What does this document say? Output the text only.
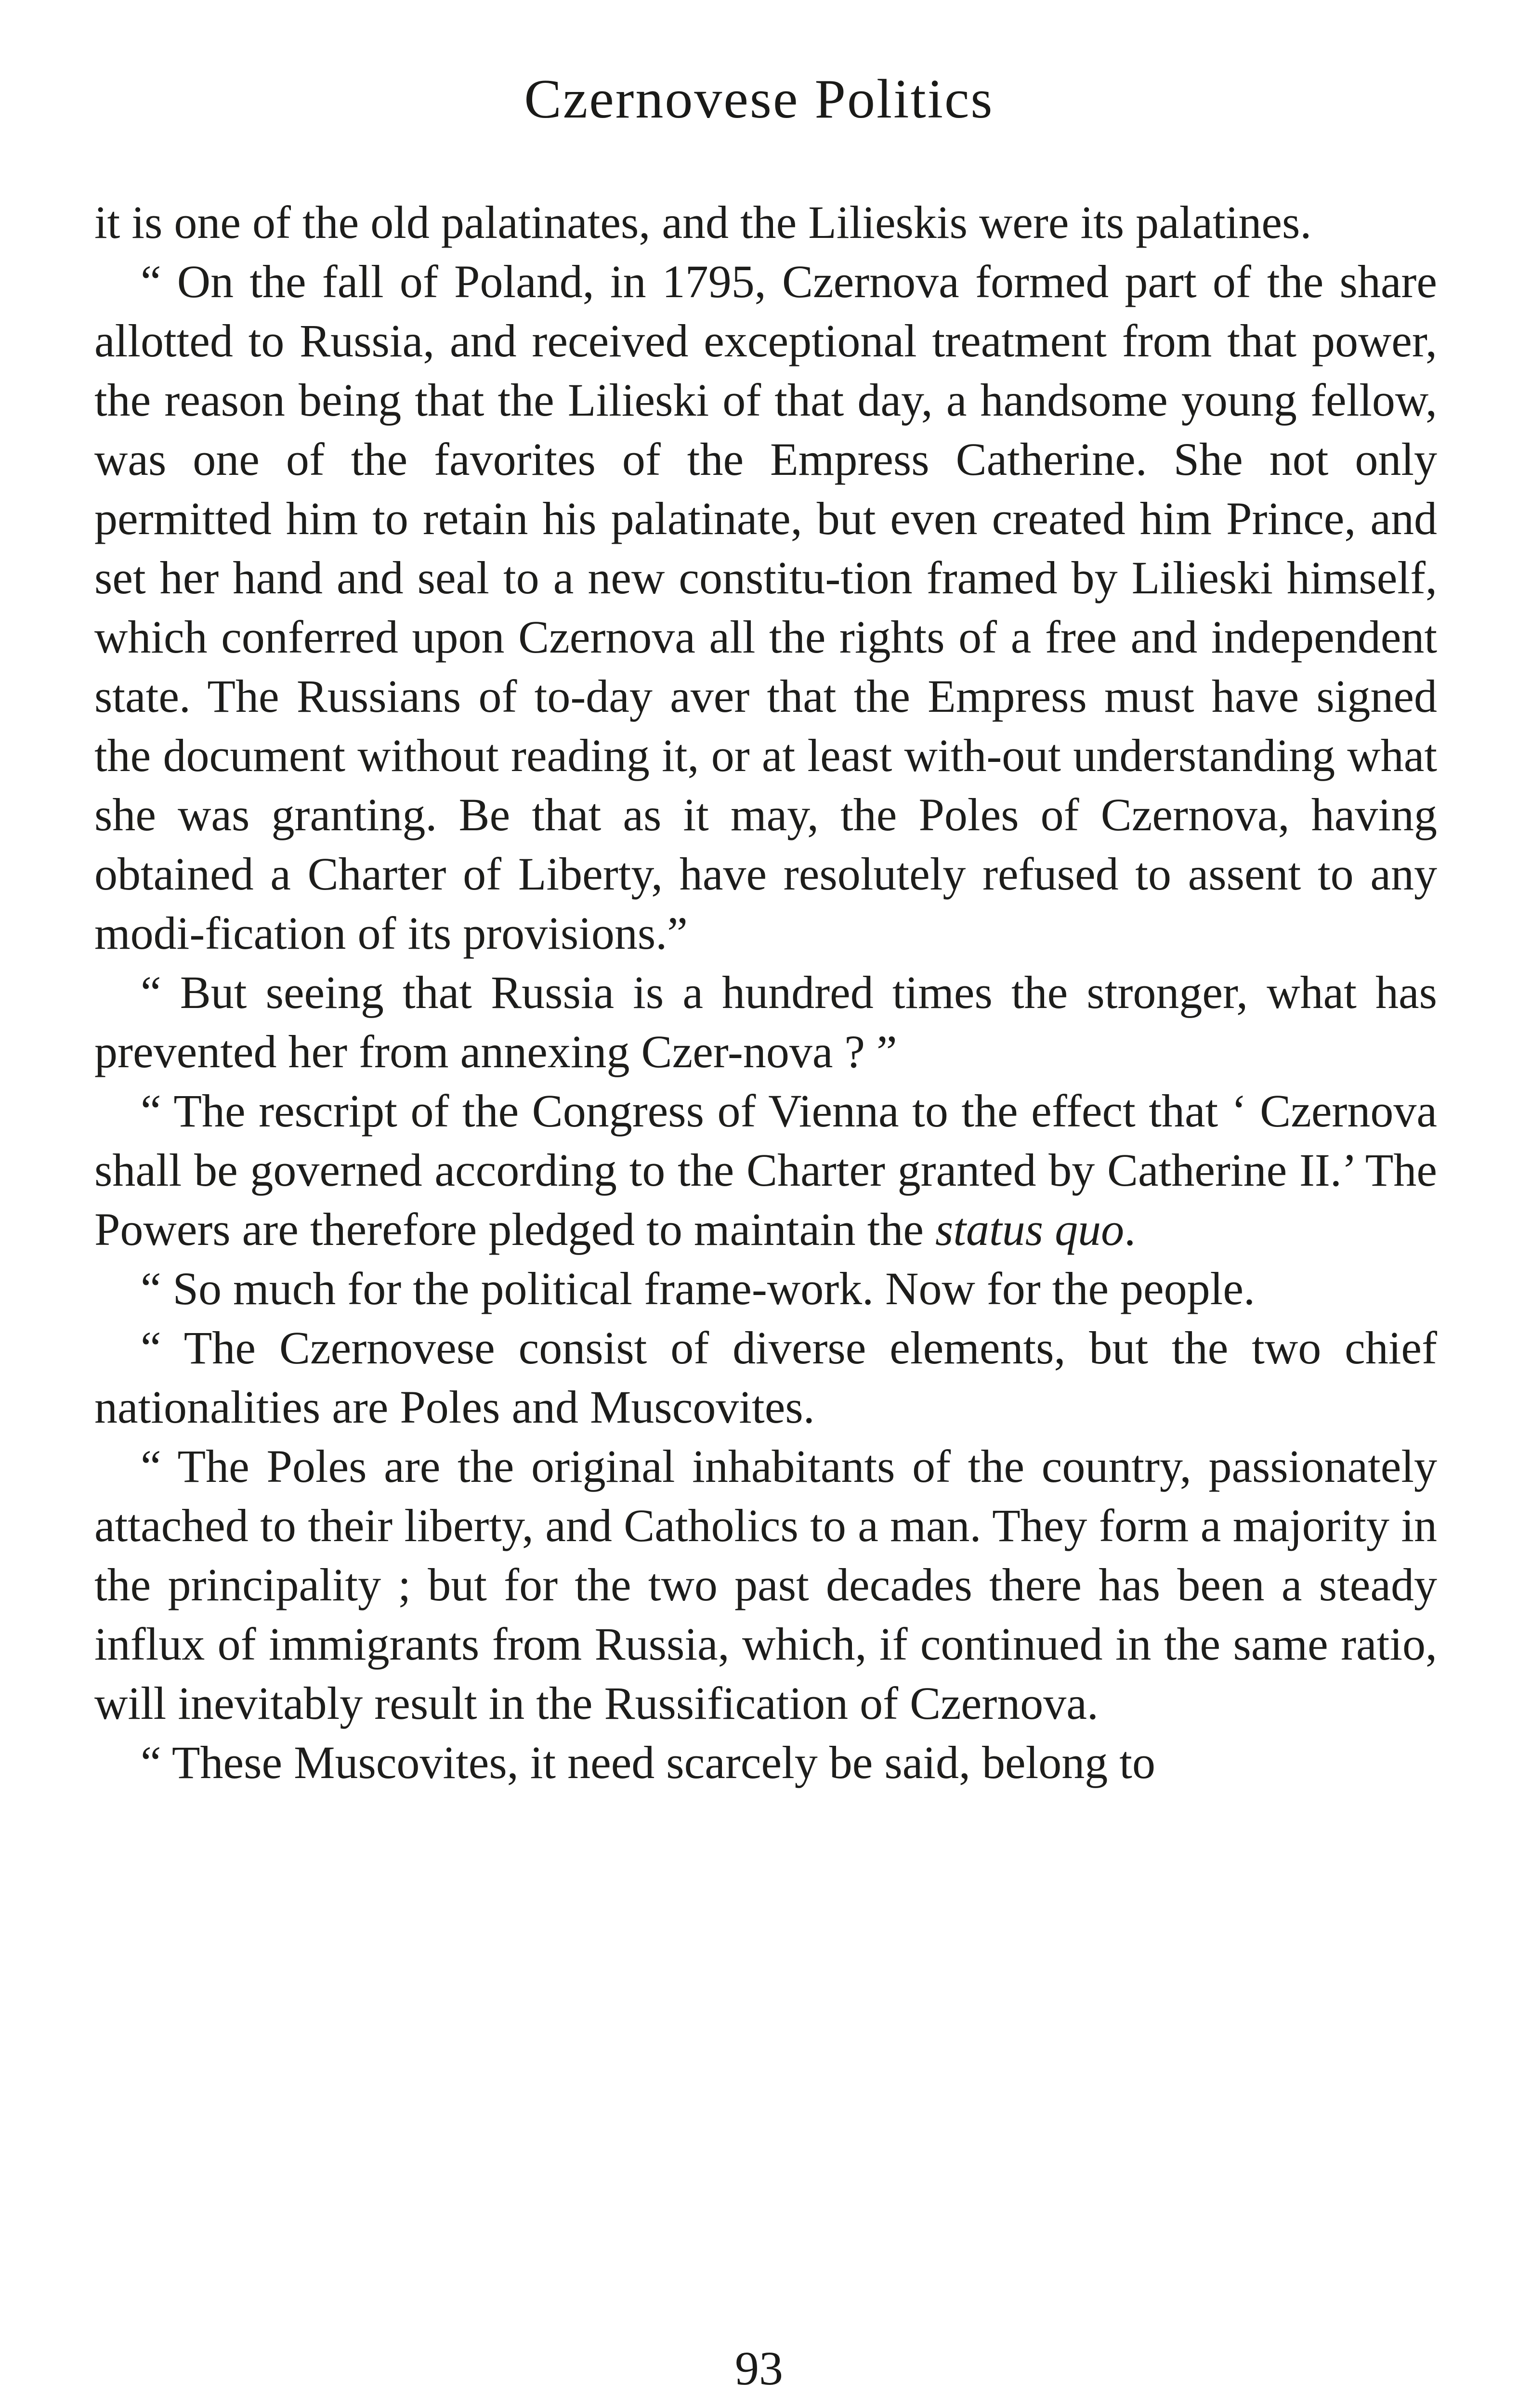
Czernovese Politics

it is one of the old palatinates, and the Lilieskis were its palatines.

“ On the fall of Poland, in 1795, Czernova formed part of the share allotted to Russia, and received exceptional treatment from that power, the reason being that the Lilieski of that day, a handsome young fellow, was one of the favorites of the Empress Catherine. She not only permitted him to retain his palatinate, but even created him Prince, and set her hand and seal to a new constitu-tion framed by Lilieski himself, which conferred upon Czernova all the rights of a free and independent state. The Russians of to-day aver that the Empress must have signed the document without reading it, or at least with-out understanding what she was granting. Be that as it may, the Poles of Czernova, having obtained a Charter of Liberty, have resolutely refused to assent to any modi-fication of its provisions.”

“ But seeing that Russia is a hundred times the stronger, what has prevented her from annexing Czer-nova ? ”

“ The rescript of the Congress of Vienna to the effect that ‘ Czernova shall be governed according to the Charter granted by Catherine II.’ The Powers are therefore pledged to maintain the status quo.

“ So much for the political frame-work. Now for the people.

“ The Czernovese consist of diverse elements, but the two chief nationalities are Poles and Muscovites.

“ The Poles are the original inhabitants of the country, passionately attached to their liberty, and Catholics to a man. They form a majority in the principality ; but for the two past decades there has been a steady influx of immigrants from Russia, which, if continued in the same ratio, will inevitably result in the Russification of Czernova.

“ These Muscovites, it need scarcely be said, belong to

93
